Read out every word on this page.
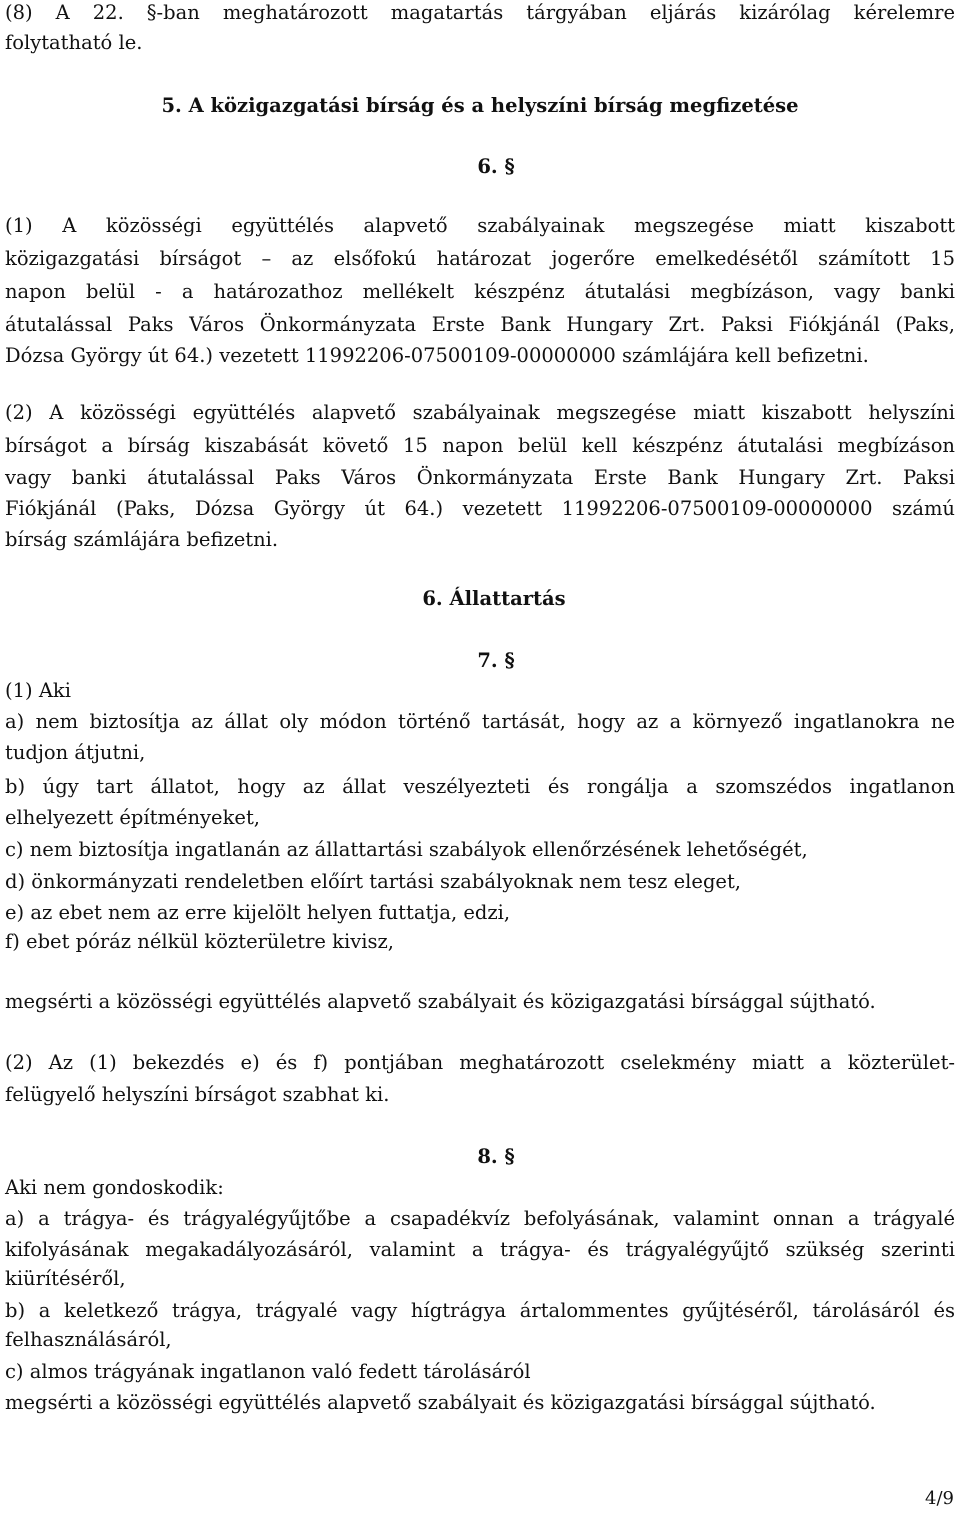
(8) A 22. §-ban meghatározott magatartás tárgyában eljárás kizárólag kérelemre
folytatható le.
5. A közigazgatási bírság és a helyszíni bírság megfizetése
6. §
(1) A közösségi együttélés alapvető szabályainak megszegése miatt kiszabott
közigazgatási bírságot – az elsőfokú határozat jogerőre emelkedésétől számított 15
napon belül - a határozathoz mellékelt készpénz átutalási megbízáson, vagy banki
átutalással Paks Város Önkormányzata Erste Bank Hungary Zrt. Paksi Fiókjánál (Paks,
Dózsa György út 64.) vezetett 11992206-07500109-00000000 számlájára kell befizetni.
(2) A közösségi együttélés alapvető szabályainak megszegése miatt kiszabott helyszíni
bírságot a bírság kiszabását követő 15 napon belül kell készpénz átutalási megbízáson
vagy banki átutalással Paks Város Önkormányzata Erste Bank Hungary Zrt. Paksi
Fiókjánál (Paks, Dózsa György út 64.) vezetett 11992206-07500109-00000000 számú
bírság számlájára befizetni.
6. Állattartás
7. §
(1) Aki
a) nem biztosítja az állat oly módon történő tartását, hogy az a környező ingatlanokra ne
tudjon átjutni,
b) úgy tart állatot, hogy az állat veszélyezteti és rongálja a szomszédos ingatlanon
elhelyezett építményeket,
c) nem biztosítja ingatlanán az állattartási szabályok ellenőrzésének lehetőségét,
d) önkormányzati rendeletben előírt tartási szabályoknak nem tesz eleget,
e) az ebet nem az erre kijelölt helyen futtatja, edzi,
f) ebet póráz nélkül közterületre kivisz,
megsérti a közösségi együttélés alapvető szabályait és közigazgatási bírsággal sújtható.
(2) Az (1) bekezdés e) és f) pontjában meghatározott cselekmény miatt a közterület-
felügyelő helyszíni bírságot szabhat ki.
8. §
Aki nem gondoskodik:
a) a trágya- és trágyalégyűjtőbe a csapadékvíz befolyásának, valamint onnan a trágyalé
kifolyásának megakadályozásáról, valamint a trágya- és trágyalégyűjtő szükség szerinti
kiürítéséről,
b) a keletkező trágya, trágyalé vagy hígtrágya ártalommentes gyűjtéséről, tárolásáról és
felhasználásáról,
c) almos trágyának ingatlanon való fedett tárolásáról
megsérti a közösségi együttélés alapvető szabályait és közigazgatási bírsággal sújtható.
4/9
